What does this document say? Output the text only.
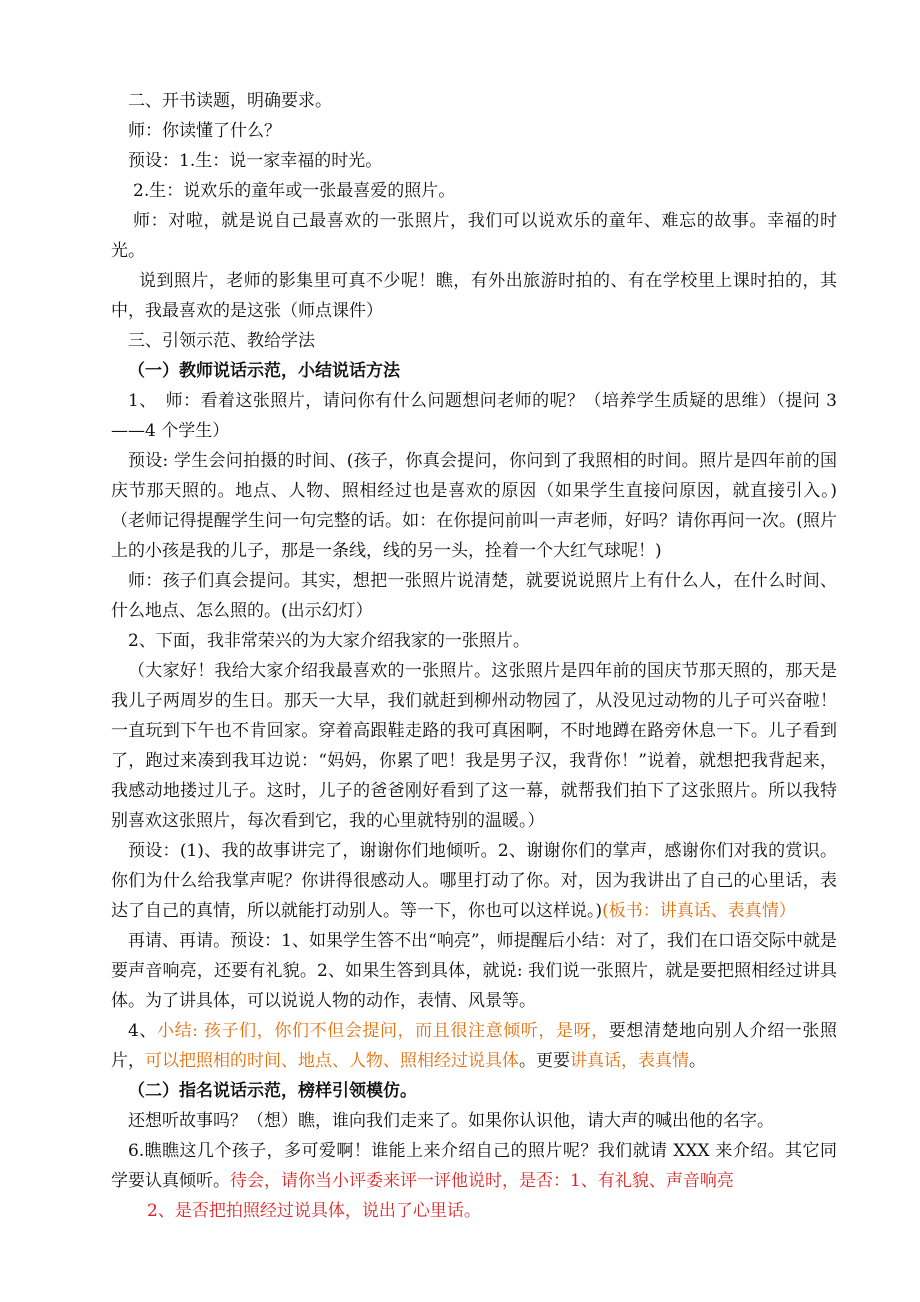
二、开书读题，明确要求。

师：你读懂了什么？

预设：1.生：说一家幸福的时光。

2.生：说欢乐的童年或一张最喜爱的照片。

师：对啦，就是说自己最喜欢的一张照片，我们可以说欢乐的童年、难忘的故事。幸福的时光。

说到照片，老师的影集里可真不少呢！瞧，有外出旅游时拍的、有在学校里上课时拍的，其中，我最喜欢的是这张（师点课件）

三、引领示范、教给学法

（一）教师说话示范，小结说话方法

1、　师：看着这张照片，请问你有什么问题想问老师的呢？（培养学生质疑的思维）（提问 3——4 个学生）

预设: 学生会问拍摄的时间、(孩子，你真会提问，你问到了我照相的时间。照片是四年前的国庆节那天照的。地点、人物、照相经过也是喜欢的原因（如果学生直接问原因，就直接引入。)（老师记得提醒学生问一句完整的话。如：在你提问前叫一声老师，好吗？请你再问一次。(照片上的小孩是我的儿子，那是一条线，线的另一头，拴着一个大红气球呢！)

师：孩子们真会提问。其实，想把一张照片说清楚，就要说说照片上有什么人，在什么时间、什么地点、怎么照的。(出示幻灯）

2、下面，我非常荣兴的为大家介绍我家的一张照片。

（大家好！我给大家介绍我最喜欢的一张照片。这张照片是四年前的国庆节那天照的，那天是我儿子两周岁的生日。那天一大早，我们就赶到柳州动物园了，从没见过动物的儿子可兴奋啦！一直玩到下午也不肯回家。穿着高跟鞋走路的我可真困啊，不时地蹲在路旁休息一下。儿子看到了，跑过来凑到我耳边说：“妈妈，你累了吧！我是男子汉，我背你！”说着，就想把我背起来，我感动地搂过儿子。这时，儿子的爸爸刚好看到了这一幕，就帮我们拍下了这张照片。所以我特别喜欢这张照片，每次看到它，我的心里就特别的温暖。）

预设：(1)、我的故事讲完了，谢谢你们地倾听。2、谢谢你们的掌声，感谢你们对我的赏识。你们为什么给我掌声呢？你讲得很感动人。哪里打动了你。对，因为我讲出了自己的心里话，表达了自己的真情，所以就能打动别人。等一下，你也可以这样说。)(板书：讲真话、表真情）

再请、再请。预设：1、如果学生答不出“响亮”，师提醒后小结：对了，我们在口语交际中就是要声音响亮，还要有礼貌。2、如果生答到具体，就说: 我们说一张照片，就是要把照相经过讲具体。为了讲具体，可以说说人物的动作，表情、风景等。

4、小结: 孩子们，你们不但会提问，而且很注意倾听，是呀，要想清楚地向别人介绍一张照片，可以把照相的时间、地点、人物、照相经过说具体。更要讲真话，表真情。

（二）指名说话示范，榜样引领模仿。

还想听故事吗？（想）瞧，谁向我们走来了。如果你认识他，请大声的喊出他的名字。

6.瞧瞧这几个孩子，多可爱啊！谁能上来介绍自己的照片呢？我们就请 XXX 来介绍。其它同学要认真倾听。待会，请你当小评委来评一评他说时，是否：1、有礼貌、声音响亮

2、是否把拍照经过说具体，说出了心里话。
